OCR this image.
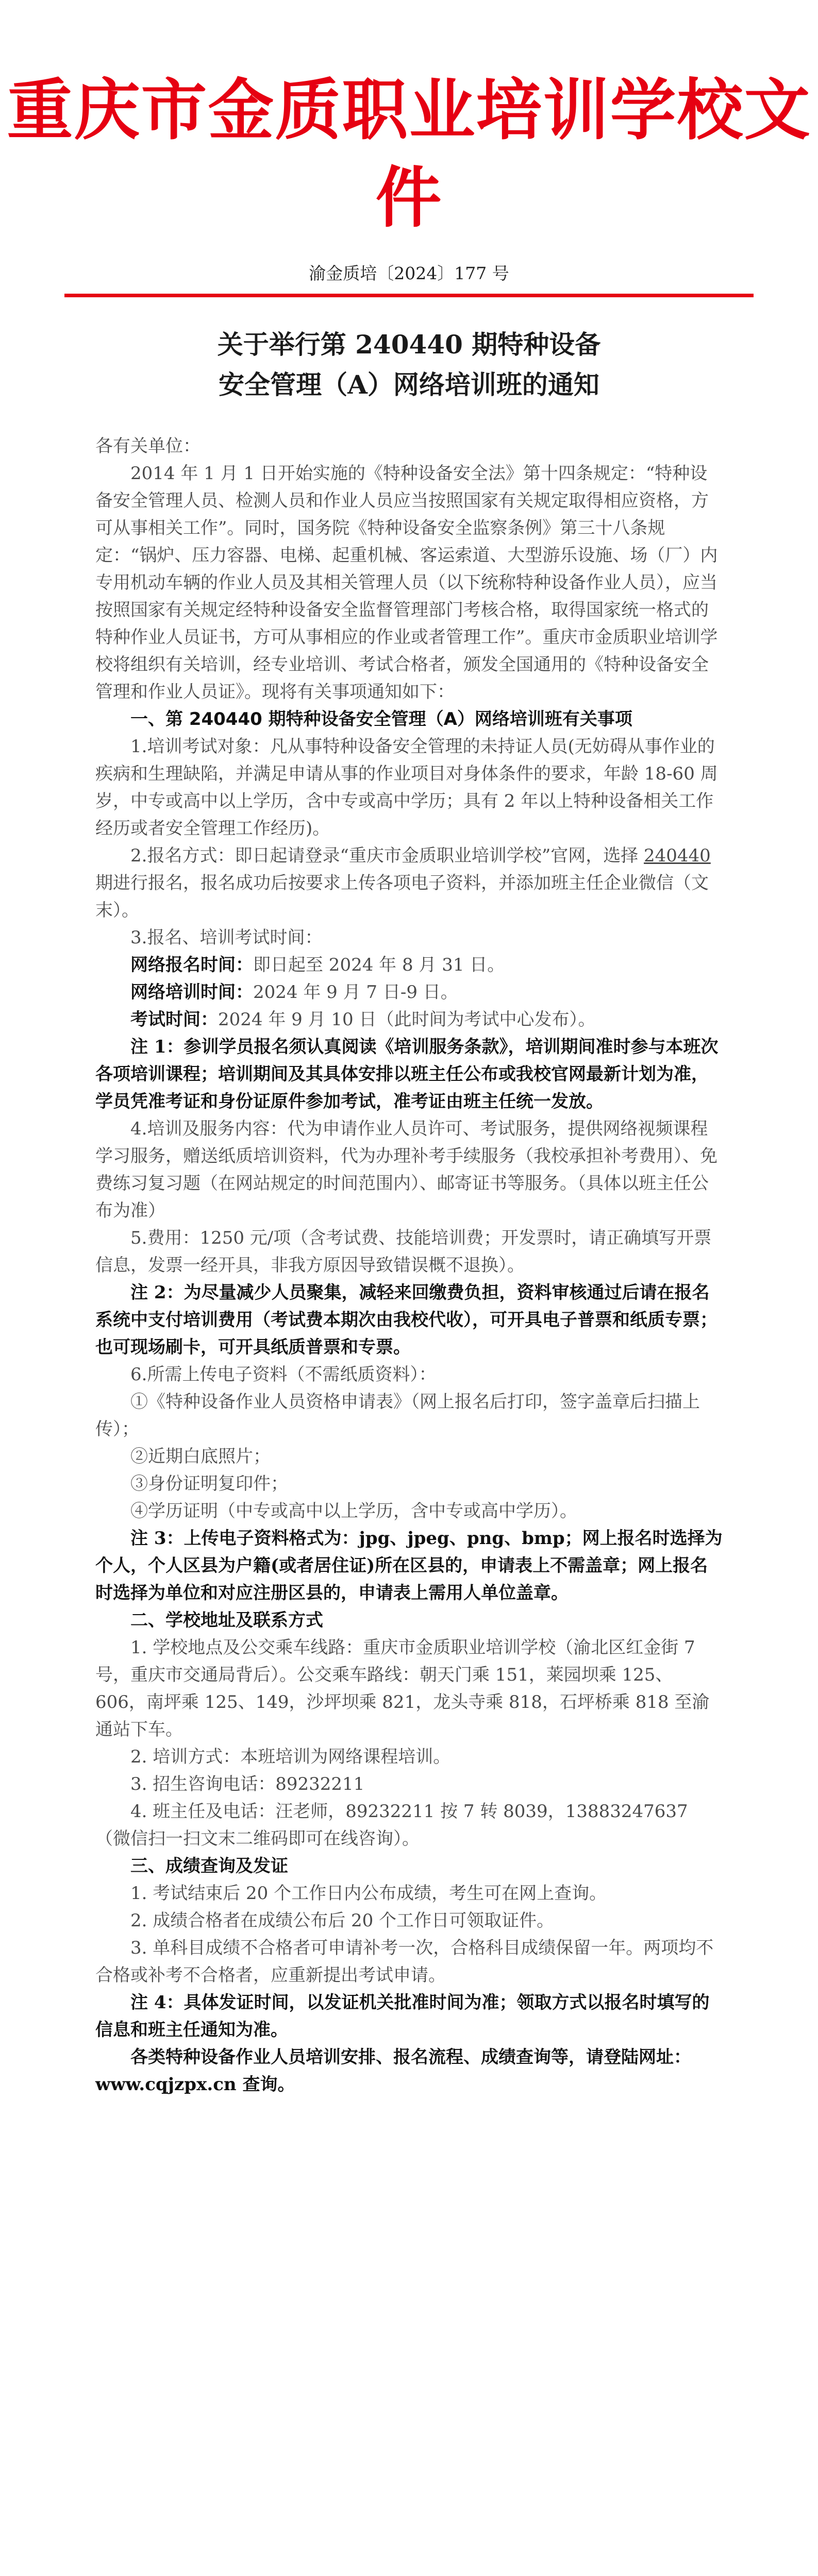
重庆市金质职业培训学校文件
渝金质培〔2024〕177 号
关于举行第 240440 期特种设备
安全管理（A）网络培训班的通知

各有关单位：

2014 年 1 月 1 日开始实施的《特种设备安全法》第十四条规定：“特种设备安全管理人员、检测人员和作业人员应当按照国家有关规定取得相应资格，方可从事相关工作”。同时，国务院《特种设备安全监察条例》第三十八条规定：“锅炉、压力容器、电梯、起重机械、客运索道、大型游乐设施、场（厂）内专用机动车辆的作业人员及其相关管理人员（以下统称特种设备作业人员），应当按照国家有关规定经特种设备安全监督管理部门考核合格，取得国家统一格式的特种作业人员证书，方可从事相应的作业或者管理工作”。重庆市金质职业培训学校将组织有关培训，经专业培训、考试合格者，颁发全国通用的《特种设备安全管理和作业人员证》。现将有关事项通知如下：

一、第 240440 期特种设备安全管理（A）网络培训班有关事项

1.培训考试对象：凡从事特种设备安全管理的未持证人员(无妨碍从事作业的疾病和生理缺陷，并满足申请从事的作业项目对身体条件的要求，年龄 18-60 周岁，中专或高中以上学历，含中专或高中学历；具有 2 年以上特种设备相关工作经历或者安全管理工作经历)。

2.报名方式：即日起请登录“重庆市金质职业培训学校”官网，选择 240440 期进行报名，报名成功后按要求上传各项电子资料，并添加班主任企业微信（文末）。

3.报名、培训考试时间：

网络报名时间：即日起至 2024 年 8 月 31 日。

网络培训时间：2024 年 9 月 7 日-9 日。

考试时间：2024 年 9 月 10 日（此时间为考试中心发布）。

注 1：参训学员报名须认真阅读《培训服务条款》，培训期间准时参与本班次各项培训课程；培训期间及其具体安排以班主任公布或我校官网最新计划为准，学员凭准考证和身份证原件参加考试，准考证由班主任统一发放。

4.培训及服务内容：代为申请作业人员许可、考试服务，提供网络视频课程学习服务，赠送纸质培训资料，代为办理补考手续服务（我校承担补考费用）、免费练习复习题（在网站规定的时间范围内）、邮寄证书等服务。（具体以班主任公布为准）

5.费用：1250 元/项（含考试费、技能培训费；开发票时，请正确填写开票信息，发票一经开具，非我方原因导致错误概不退换）。

注 2：为尽量减少人员聚集，减轻来回缴费负担，资料审核通过后请在报名系统中支付培训费用（考试费本期次由我校代收），可开具电子普票和纸质专票；也可现场刷卡，可开具纸质普票和专票。

6.所需上传电子资料（不需纸质资料）：

①《特种设备作业人员资格申请表》（网上报名后打印，签字盖章后扫描上传）；

②近期白底照片；

③身份证明复印件；

④学历证明（中专或高中以上学历，含中专或高中学历）。

注 3：上传电子资料格式为：jpg、jpeg、png、bmp；网上报名时选择为个人，个人区县为户籍(或者居住证)所在区县的，申请表上不需盖章；网上报名时选择为单位和对应注册区县的，申请表上需用人单位盖章。

二、学校地址及联系方式

1. 学校地点及公交乘车线路：重庆市金质职业培训学校（渝北区红金街 7 号，重庆市交通局背后）。公交乘车路线：朝天门乘 151，莱园坝乘 125、606，南坪乘 125、149，沙坪坝乘 821，龙头寺乘 818，石坪桥乘 818 至渝通站下车。

2. 培训方式：本班培训为网络课程培训。

3. 招生咨询电话：89232211

4. 班主任及电话：汪老师，89232211 按 7 转 8039，13883247637（微信扫一扫文末二维码即可在线咨询）。

三、成绩查询及发证

1. 考试结束后 20 个工作日内公布成绩，考生可在网上查询。

2. 成绩合格者在成绩公布后 20 个工作日可领取证件。

3. 单科目成绩不合格者可申请补考一次，合格科目成绩保留一年。两项均不合格或补考不合格者，应重新提出考试申请。

注 4：具体发证时间，以发证机关批准时间为准；领取方式以报名时填写的信息和班主任通知为准。

各类特种设备作业人员培训安排、报名流程、成绩查询等，请登陆网址：www.cqjzpx.cn 查询。
